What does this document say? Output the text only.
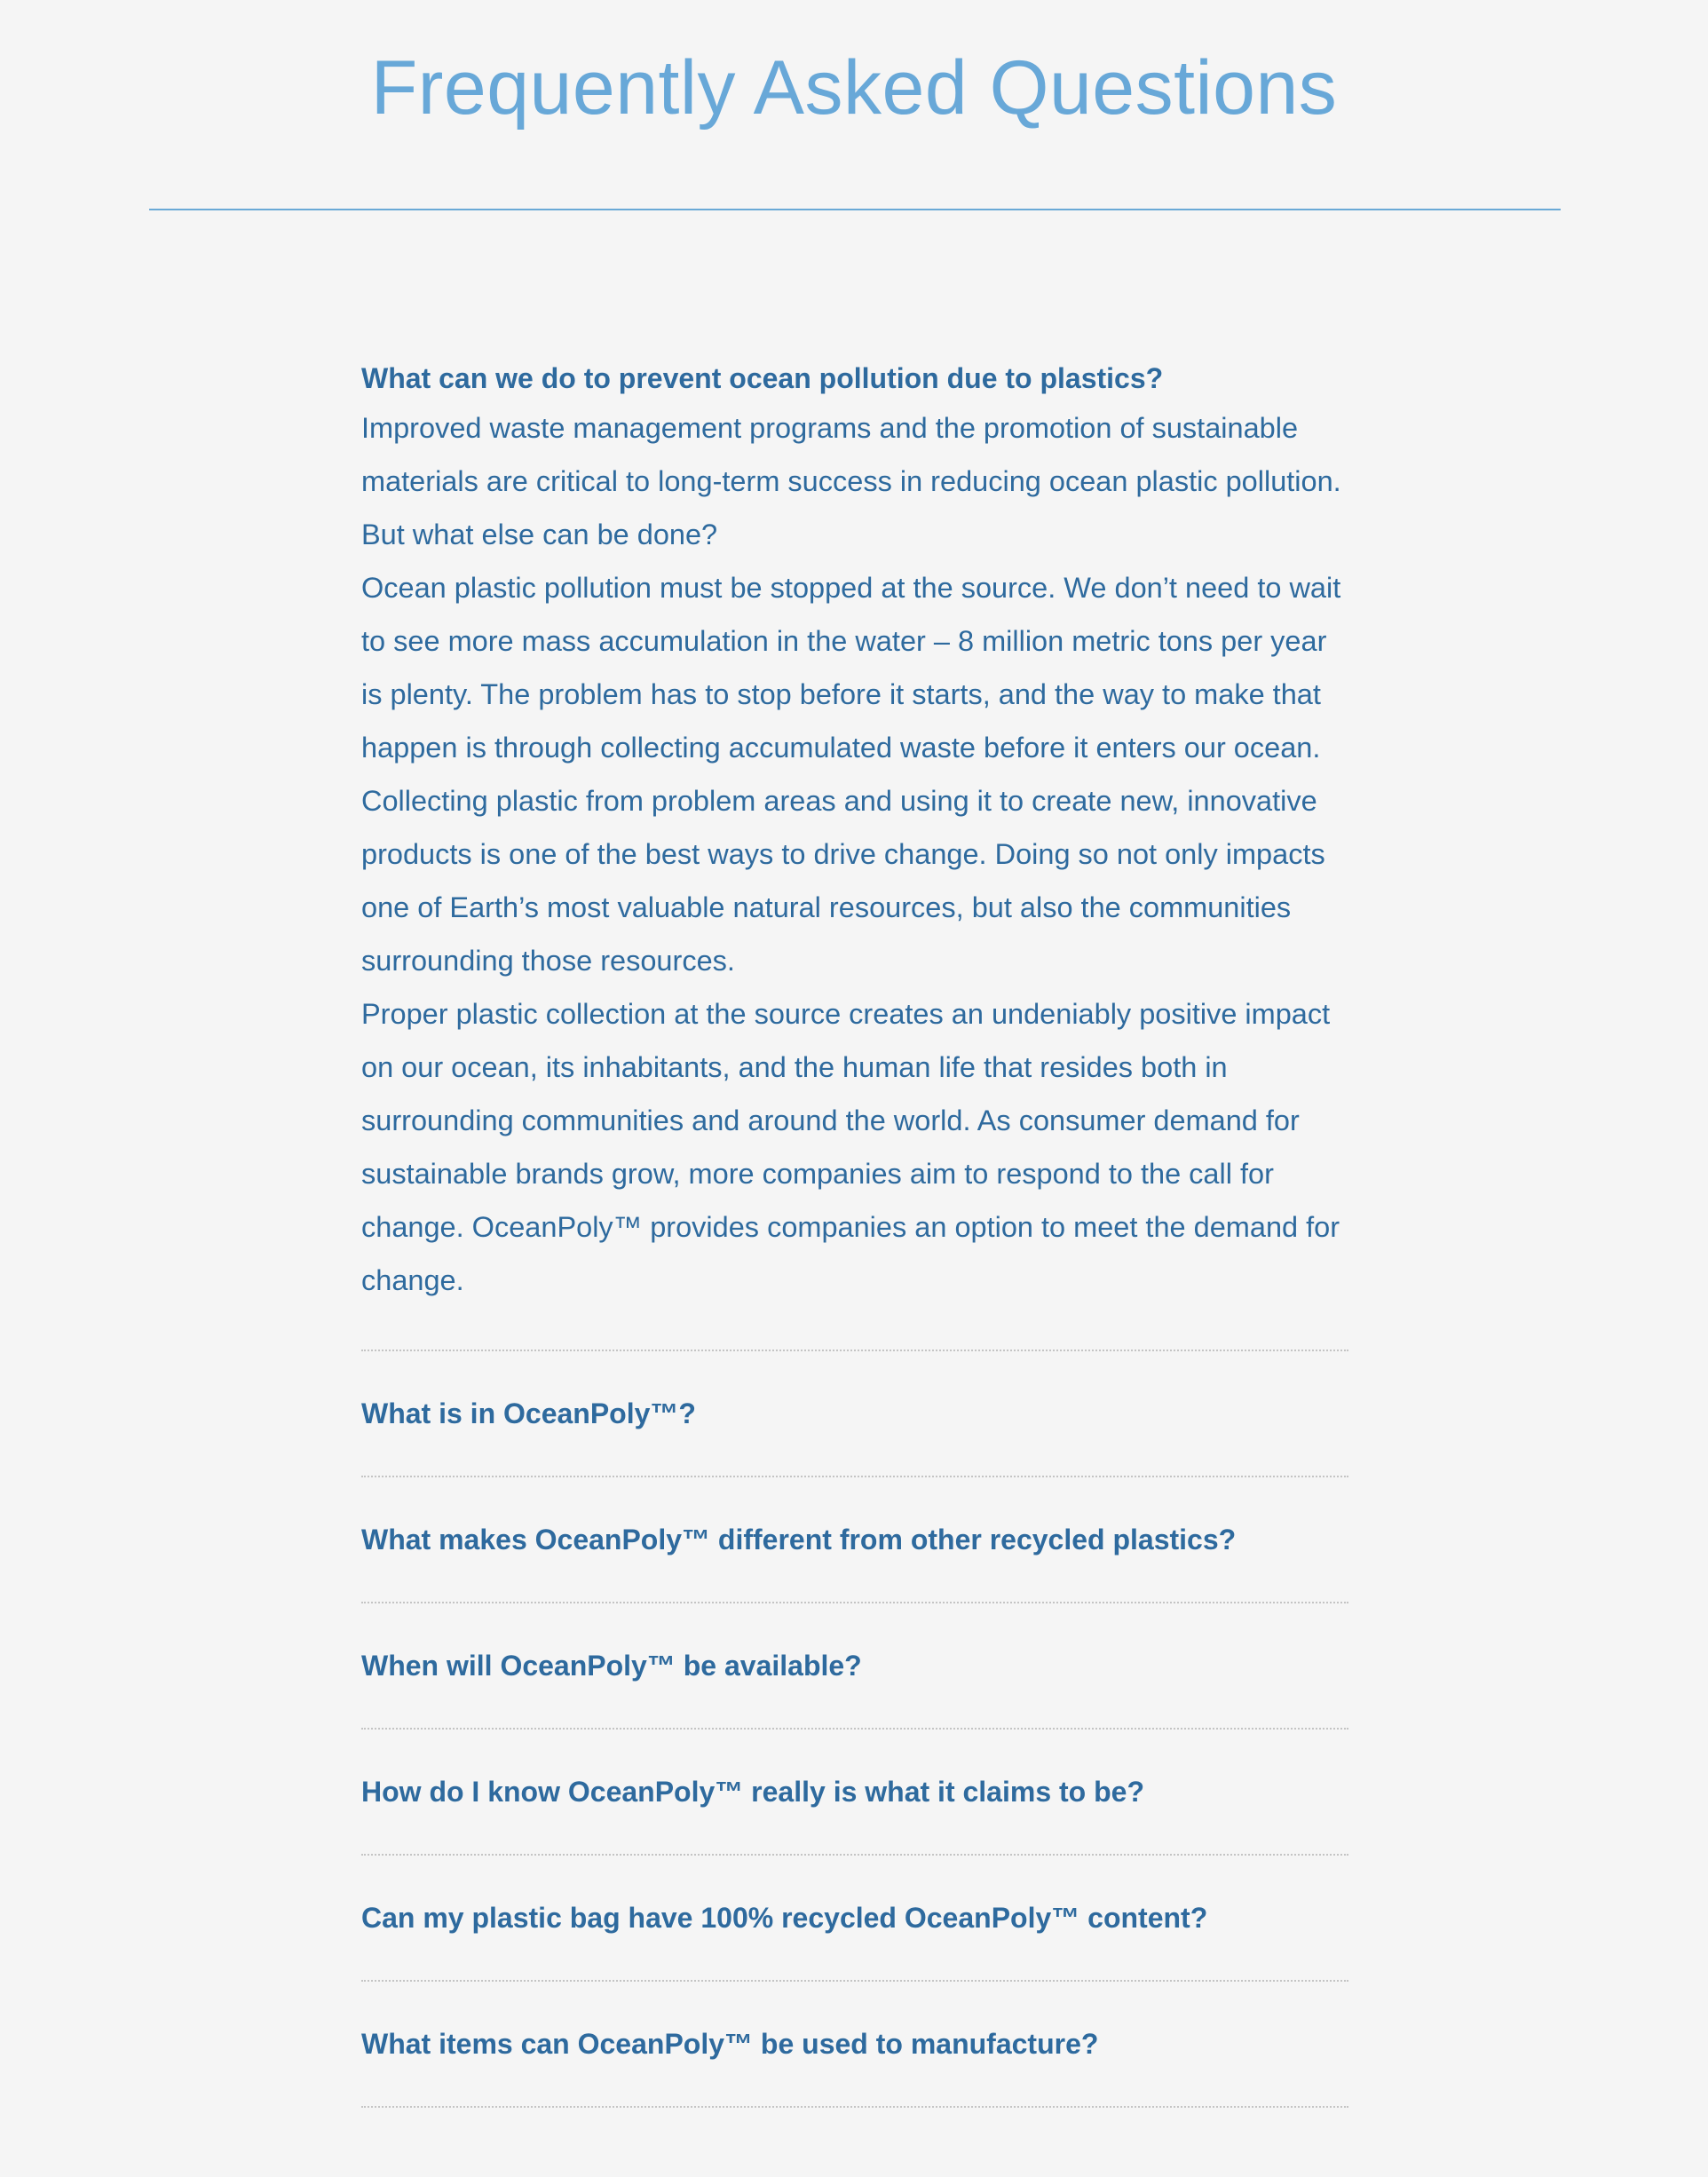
Frequently Asked Questions
What can we do to prevent ocean pollution due to plastics?

Improved waste management programs and the promotion of sustainable materials are critical to long-term success in reducing ocean plastic pollution. But what else can be done?

Ocean plastic pollution must be stopped at the source. We don’t need to wait to see more mass accumulation in the water – 8 million metric tons per year is plenty. The problem has to stop before it starts, and the way to make that happen is through collecting accumulated waste before it enters our ocean.

Collecting plastic from problem areas and using it to create new, innovative products is one of the best ways to drive change. Doing so not only impacts one of Earth’s most valuable natural resources, but also the communities surrounding those resources.

Proper plastic collection at the source creates an undeniably positive impact on our ocean, its inhabitants, and the human life that resides both in surrounding communities and around the world. As consumer demand for sustainable brands grow, more companies aim to respond to the call for change. OceanPoly™ provides companies an option to meet the demand for change.

What is in OceanPoly™?
What makes OceanPoly™ different from other recycled plastics?
When will OceanPoly™ be available?
How do I know OceanPoly™ really is what it claims to be?
Can my plastic bag have 100% recycled OceanPoly™ content?
What items can OceanPoly™ be used to manufacture?
